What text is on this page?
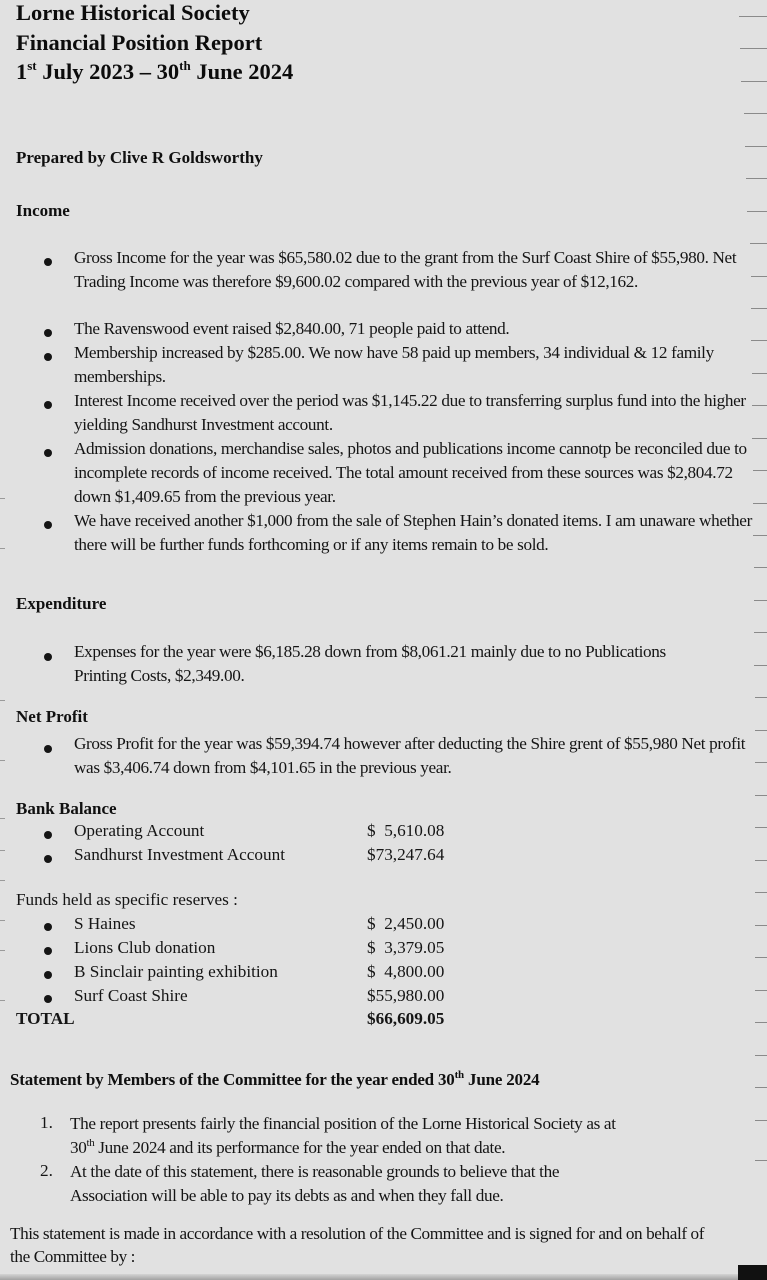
Lorne Historical Society
Financial Position Report
1st July 2023 – 30th June 2024
Prepared by Clive R Goldsworthy
Income
Gross Income for the year was $65,580.02 due to the grant from the Surf Coast Shire of $55,980. Net Trading Income was therefore $9,600.02 compared with the previous year of $12,162.
The Ravenswood event raised $2,840.00, 71 people paid to attend.
Membership increased by $285.00. We now have 58 paid up members, 34 individual & 12 family memberships.
Interest Income received over the period was $1,145.22 due to transferring surplus fund into the higher yielding Sandhurst Investment account.
Admission donations, merchandise sales, photos and publications income cannotp be reconciled due to incomplete records of income received. The total amount received from these sources was $2,804.72 down $1,409.65 from the previous year.
We have received another $1,000 from the sale of Stephen Hain’s donated items. I am unaware whether there will be further funds forthcoming or if any items remain to be sold.
Expenditure
Expenses for the year were $6,185.28 down from $8,061.21 mainly due to no Publications Printing Costs, $2,349.00.
Net Profit
Gross Profit for the year was $59,394.74 however after deducting the Shire grent of $55,980 Net profit was $3,406.74 down from $4,101.65 in the previous year.
Bank Balance
Operating Account	$  5,610.08
Sandhurst Investment Account	$73,247.64
Funds held as specific reserves :
S Haines	$  2,450.00
Lions Club donation	$  3,379.05
B Sinclair painting exhibition	$  4,800.00
Surf Coast Shire	$55,980.00
TOTAL	$66,609.05
Statement by Members of the Committee for the year ended 30th June 2024
1. The report presents fairly the financial position of the Lorne Historical Society as at
30th June 2024 and its performance for the year ended on that date.
2. At the date of this statement, there is reasonable grounds to believe that the
Association will be able to pay its debts as and when they fall due.
This statement is made in accordance with a resolution of the Committee and is signed for and on behalf of the Committee by :
